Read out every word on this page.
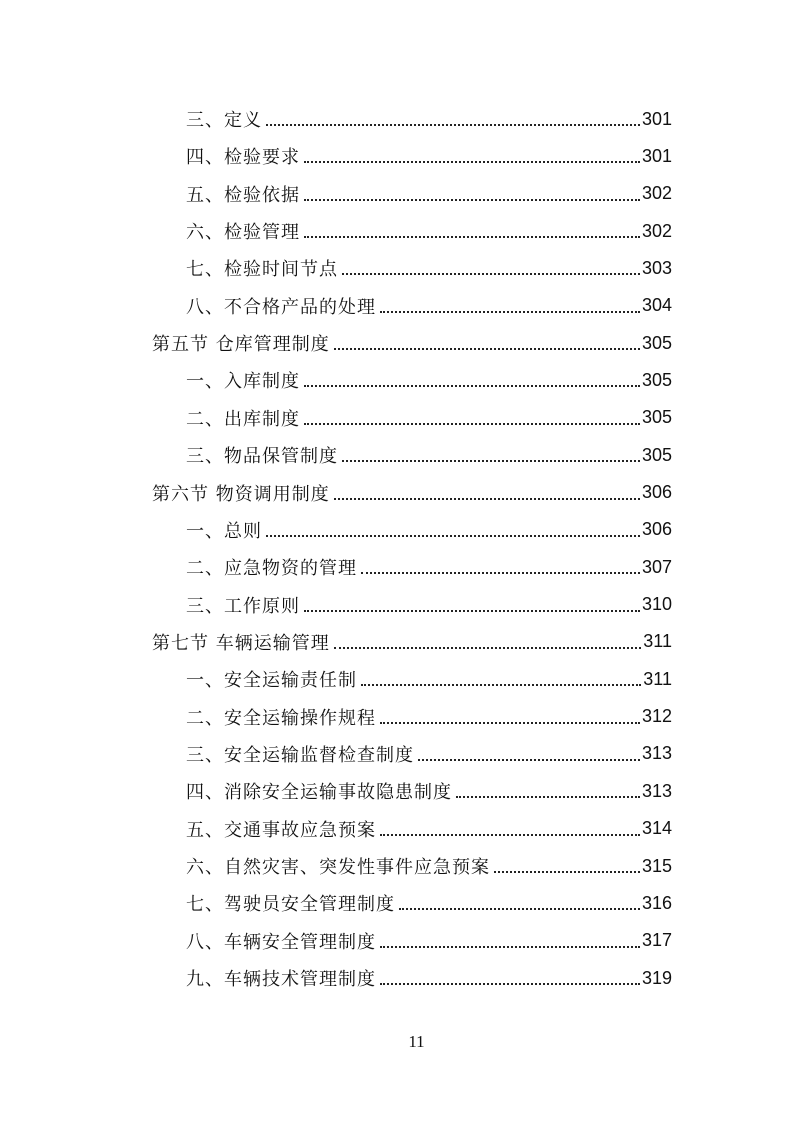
三、定义	301
四、检验要求	301
五、检验依据	302
六、检验管理	302
七、检验时间节点	303
八、不合格产品的处理	304
第五节 仓库管理制度	305
一、入库制度	305
二、出库制度	305
三、物品保管制度	305
第六节 物资调用制度	306
一、总则	306
二、应急物资的管理	307
三、工作原则	310
第七节 车辆运输管理	311
一、安全运输责任制	311
二、安全运输操作规程	312
三、安全运输监督检查制度	313
四、消除安全运输事故隐患制度	313
五、交通事故应急预案	314
六、自然灾害、突发性事件应急预案	315
七、驾驶员安全管理制度	316
八、车辆安全管理制度	317
九、车辆技术管理制度	319
11
